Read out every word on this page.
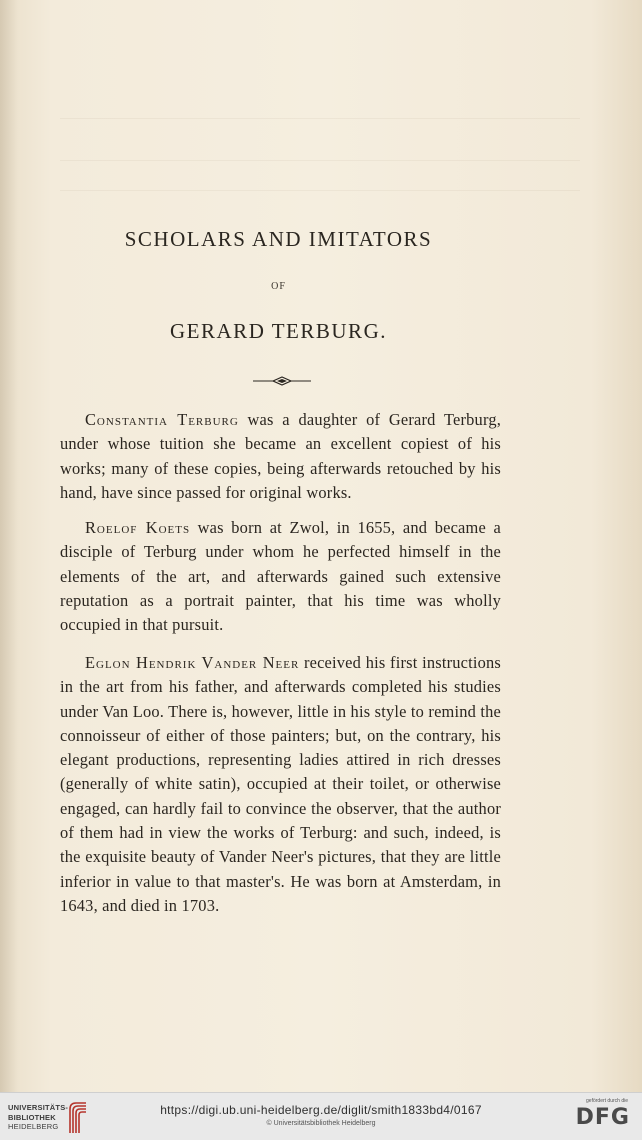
SCHOLARS AND IMITATORS
OF
GERARD TERBURG.
Constantia Terburg was a daughter of Gerard Terburg, under whose tuition she became an excellent copiest of his works; many of these copies, being afterwards retouched by his hand, have since passed for original works.
Roelof Koets was born at Zwol, in 1655, and became a disciple of Terburg under whom he perfected himself in the elements of the art, and afterwards gained such extensive reputation as a portrait painter, that his time was wholly occupied in that pursuit.
Eglon Hendrik Vander Neer received his first instructions in the art from his father, and afterwards completed his studies under Van Loo. There is, however, little in his style to remind the connoisseur of either of those painters; but, on the contrary, his elegant productions, representing ladies attired in rich dresses (generally of white satin), occupied at their toilet, or otherwise engaged, can hardly fail to convince the observer, that the author of them had in view the works of Terburg: and such, indeed, is the exquisite beauty of Vander Neer's pictures, that they are little inferior in value to that master's. He was born at Amsterdam, in 1643, and died in 1703.
UNIVERSITÄTS-
BIBLIOTHEK
HEIDELBERG
https://digi.ub.uni-heidelberg.de/diglit/smith1833bd4/0167
© Universitätsbibliothek Heidelberg
gefördert durch die
DFG
